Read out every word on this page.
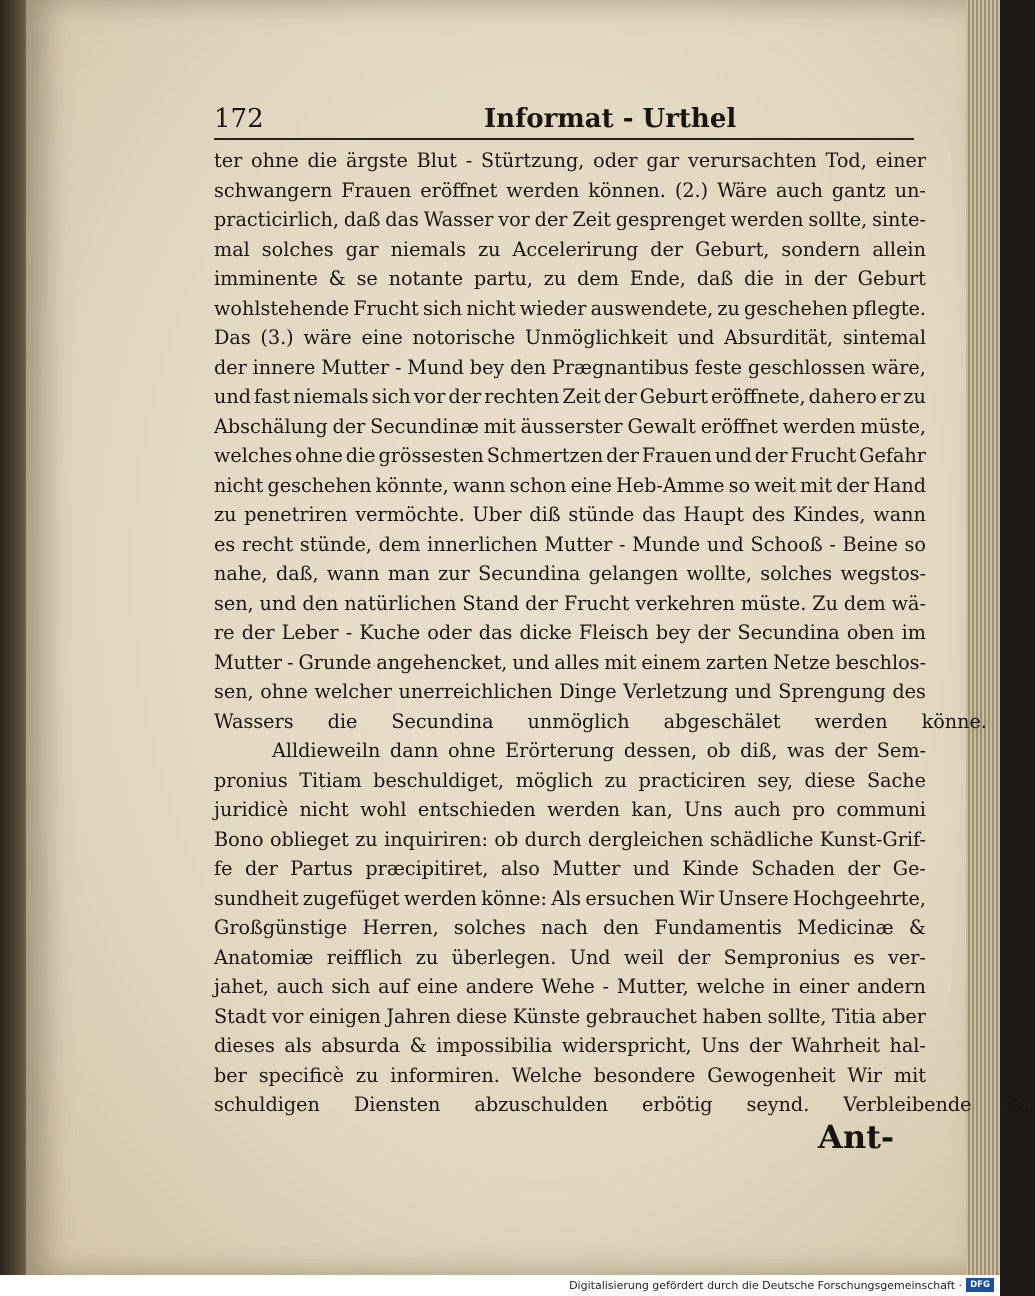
172	Informat - Urthel
ter ohne die ärgste Blut - Stürtzung, oder gar verursachten Tod, einer
schwangern Frauen eröffnet werden können. (2.) Wäre auch gantz un-
practicirlich, daß das Wasser vor der Zeit gesprenget werden sollte, sinte-
mal solches gar niemals zu Accelerirung der Geburt, sondern allein
imminente & se notante partu, zu dem Ende, daß die in der Geburt
wohlstehende Frucht sich nicht wieder auswendete, zu geschehen pflegte.
Das (3.) wäre eine notorische Unmöglichkeit und Absurdität, sintemal
der innere Mutter - Mund bey den Prægnantibus feste geschlossen wäre,
und fast niemals sich vor der rechten Zeit der Geburt eröffnete, dahero er zu
Abschälung der Secundinæ mit äusserster Gewalt eröffnet werden müste,
welches ohne die grössesten Schmertzen der Frauen und der Frucht Gefahr
nicht geschehen könnte, wann schon eine Heb-Amme so weit mit der Hand
zu penetriren vermöchte. Uber diß stünde das Haupt des Kindes, wann
es recht stünde, dem innerlichen Mutter - Munde und Schooß - Beine so
nahe, daß, wann man zur Secundina gelangen wollte, solches wegstos-
sen, und den natürlichen Stand der Frucht verkehren müste. Zu dem wä-
re der Leber - Kuche oder das dicke Fleisch bey der Secundina oben im
Mutter - Grunde angehencket, und alles mit einem zarten Netze beschlos-
sen, ohne welcher unerreichlichen Dinge Verletzung und Sprengung des
Wassers die Secundina unmöglich abgeschälet werden könne.
Alldieweiln dann ohne Erörterung dessen, ob diß, was der Sem-
pronius Titiam beschuldiget, möglich zu practiciren sey, diese Sache
juridicè nicht wohl entschieden werden kan, Uns auch pro communi
Bono oblieget zu inquiriren: ob durch dergleichen schädliche Kunst-Grif-
fe der Partus præcipitiret, also Mutter und Kinde Schaden der Ge-
sundheit zugefüget werden könne: Als ersuchen Wir Unsere Hochgeehrte,
Großgünstige Herren, solches nach den Fundamentis Medicinæ &
Anatomiæ reifflich zu überlegen. Und weil der Sempronius es ver-
jahet, auch sich auf eine andere Wehe - Mutter, welche in einer andern
Stadt vor einigen Jahren diese Künste gebrauchet haben sollte, Titia aber
dieses als absurda & impossibilia widerspricht, Uns der Wahrheit hal-
ber specificè zu informiren. Welche besondere Gewogenheit Wir mit
schuldigen Diensten abzuschulden erbötig seynd. Verbleibende 2c.
Ant-
Digitalisierung gefördert durch die Deutsche Forschungsgemeinschaft · DFG
